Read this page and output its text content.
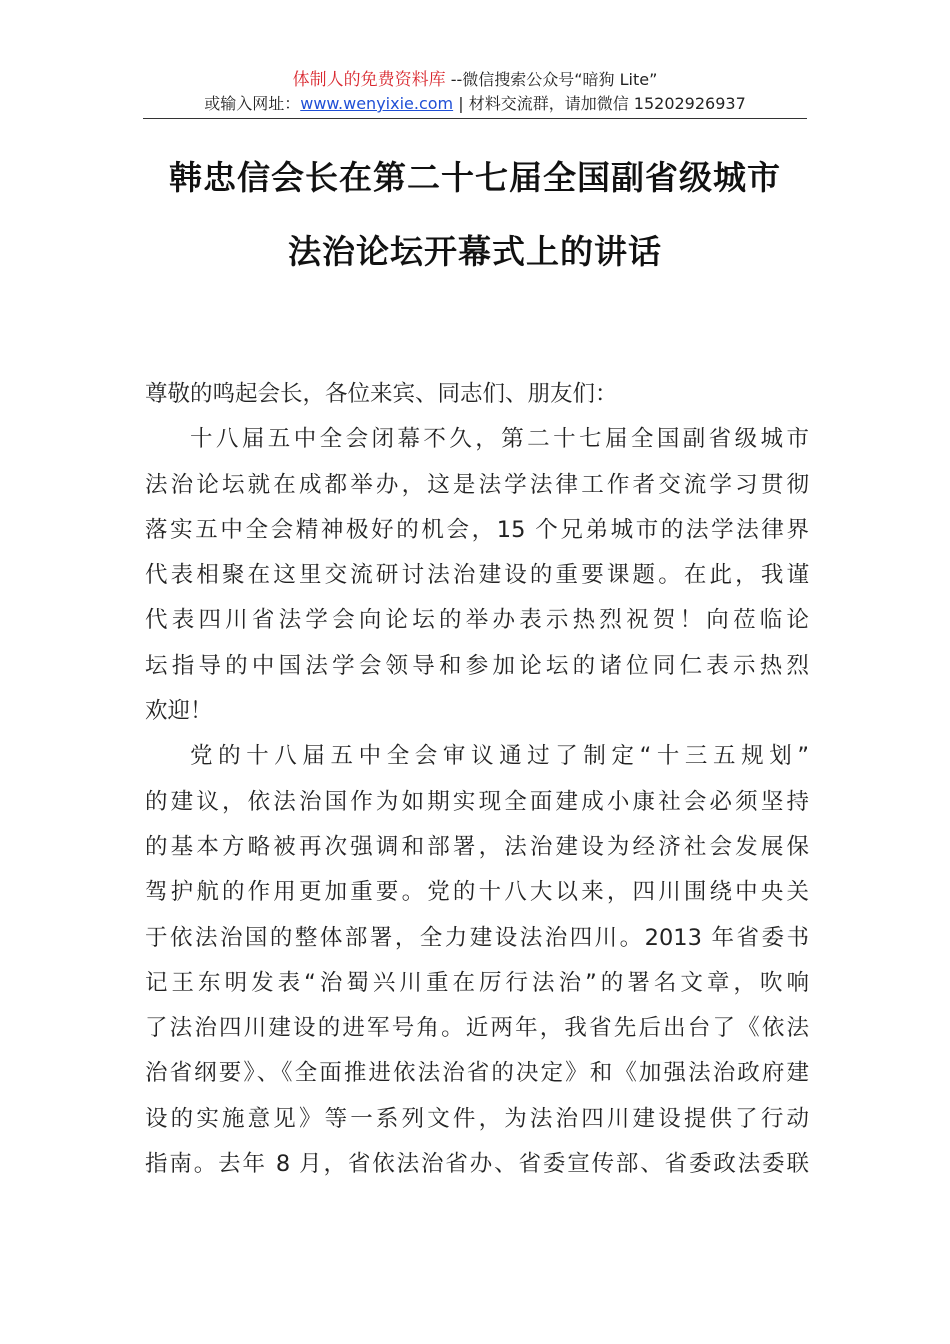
体制人的免费资料库 --微信搜索公众号“暗狗 Lite”
或输入网址：www.wenyixie.com | 材料交流群，请加微信 15202926937
韩忠信会长在第二十七届全国副省级城市
法治论坛开幕式上的讲话
尊敬的鸣起会长，各位来宾、同志们、朋友们：
十八届五中全会闭幕不久，第二十七届全国副省级城市
法治论坛就在成都举办，这是法学法律工作者交流学习贯彻
落实五中全会精神极好的机会，15 个兄弟城市的法学法律界
代表相聚在这里交流研讨法治建设的重要课题。在此，我谨
代表四川省法学会向论坛的举办表示热烈祝贺！向莅临论
坛指导的中国法学会领导和参加论坛的诸位同仁表示热烈
欢迎！
党的十八届五中全会审议通过了制定“十三五规划”
的建议，依法治国作为如期实现全面建成小康社会必须坚持
的基本方略被再次强调和部署，法治建设为经济社会发展保
驾护航的作用更加重要。党的十八大以来，四川围绕中央关
于依法治国的整体部署，全力建设法治四川。2013 年省委书
记王东明发表“治蜀兴川重在厉行法治”的署名文章，吹响
了法治四川建设的进军号角。近两年，我省先后出台了《依法
治省纲要》、《全面推进依法治省的决定》和《加强法治政府建
设的实施意见》等一系列文件，为法治四川建设提供了行动
指南。去年 8 月，省依法治省办、省委宣传部、省委政法委联
